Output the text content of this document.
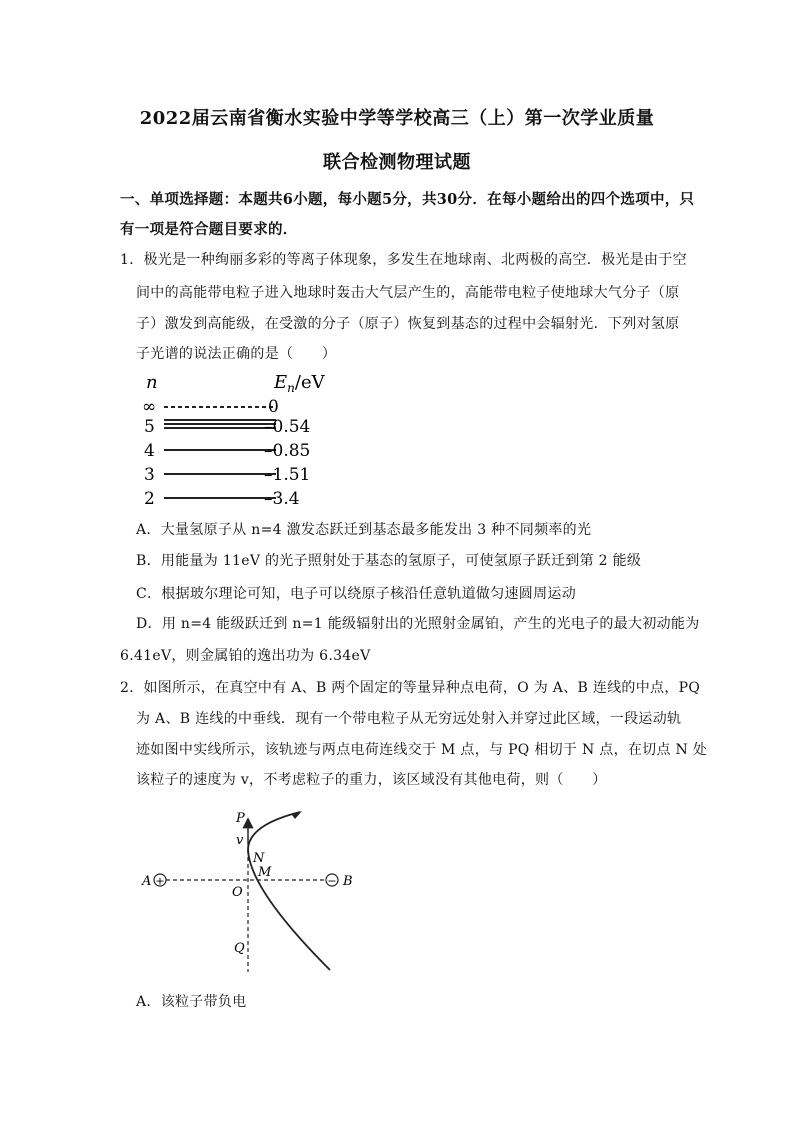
2022届云南省衡水实验中学等学校高三（上）第一次学业质量
联合检测物理试题
一、单项选择题：本题共6小题，每小题5分，共30分．在每小题给出的四个选项中，只
有一项是符合题目要求的．
1．极光是一种绚丽多彩的等离子体现象，多发生在地球南、北两极的高空．极光是由于空
间中的高能带电粒子进入地球时轰击大气层产生的，高能带电粒子使地球大气分子（原
子）激发到高能级，在受激的分子（原子）恢复到基态的过程中会辐射光．下列对氢原
子光谱的说法正确的是（　　）
n	$E_n/eV$
∞	0
5	–0.54
4	–0.85
3	–1.51
2	–3.4
A．大量氢原子从 n=4 激发态跃迁到基态最多能发出 3 种不同频率的光
B．用能量为 11eV 的光子照射处于基态的氢原子，可使氢原子跃迁到第 2 能级
C．根据玻尔理论可知，电子可以绕原子核沿任意轨道做匀速圆周运动
D．用 n=4 能级跃迁到 n=1 能级辐射出的光照射金属铂，产生的光电子的最大初动能为
6.41eV，则金属铂的逸出功为 6.34eV
2．如图所示，在真空中有 A、B 两个固定的等量异种点电荷，O 为 A、B 连线的中点，PQ
为 A、B 连线的中垂线．现有一个带电粒子从无穷远处射入并穿过此区域，一段运动轨
迹如图中实线所示，该轨迹与两点电荷连线交于 M 点，与 PQ 相切于 N 点，在切点 N 处
该粒子的速度为 v，不考虑粒子的重力，该区域没有其他电荷，则（　　）
+	−
P
v
N
M
A
O
B
Q
A．该粒子带负电
